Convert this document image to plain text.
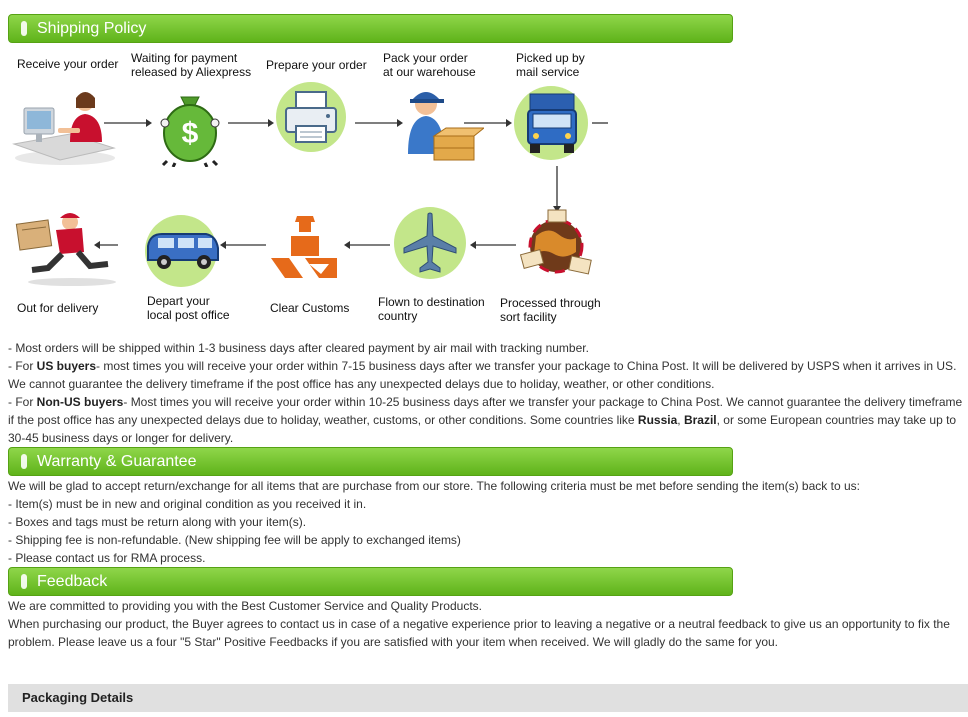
Shipping Policy
Receive your order Waiting for payment
released by Aliexpress Prepare your order Pack your order
at our warehouse
Picked up by
mail service
$
Processed through
sort facility
Flown to destination
country
Clear Customs
Depart your
local post office
Out for delivery

- Most orders will be shipped within 1-3 business days after cleared payment by air mail with tracking number.

- For US buyers- most times you will receive your order within 7-15 business days after we transfer your package to China Post. It will be delivered by USPS when it arrives in US. We cannot guarantee the delivery timeframe if the post office has any unexpected delays due to holiday, weather, or other conditions.

- For Non-US buyers- Most times you will receive your order within 10-25 business days after we transfer your package to China Post. We cannot guarantee the delivery timeframe if the post office has any unexpected delays due to holiday, weather, customs, or other conditions. Some countries like Russia, Brazil, or some European countries may take up to 30-45 business days or longer for delivery.

Warranty & Guarantee

We will be glad to accept return/exchange for all items that are purchase from our store. The following criteria must be met before sending the item(s) back to us:

- Item(s) must be in new and original condition as you received it in.

- Boxes and tags must be return along with your item(s).

- Shipping fee is non-refundable. (New shipping fee will be apply to exchanged items)

- Please contact us for RMA process.

Feedback

We are committed to providing you with the Best Customer Service and Quality Products.

When purchasing our product, the Buyer agrees to contact us in case of a negative experience prior to leaving a negative or a neutral feedback to give us an opportunity to fix the problem. Please leave us a four "5 Star" Positive Feedbacks if you are satisfied with your item when received. We will gladly do the same for you.

Packaging Details
